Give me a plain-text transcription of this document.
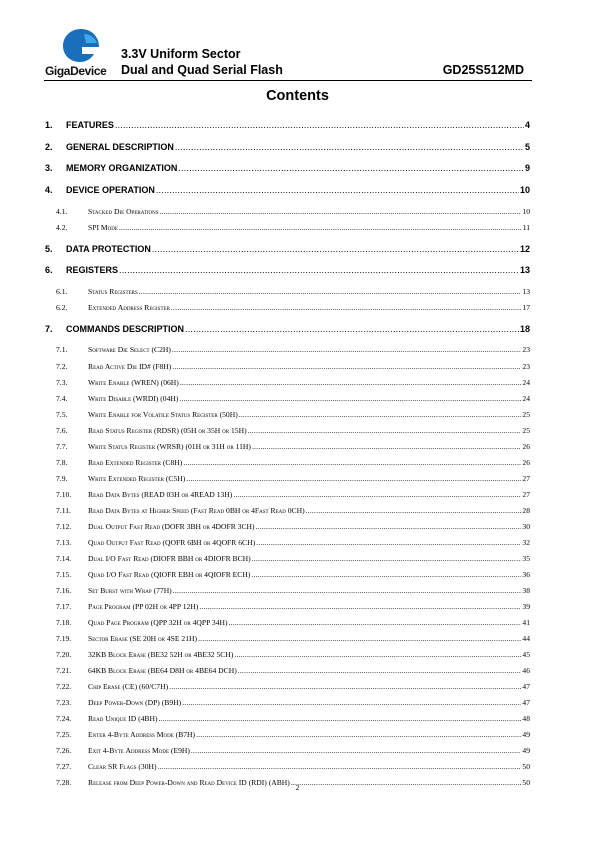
GigaDevice
3.3V Uniform Sector
Dual and Quad Serial Flash	GD25S512MD
Contents
1.	FEATURES .....	4
2.	GENERAL DESCRIPTION .....	5
3.	MEMORY ORGANIZATION .....	9
4.	DEVICE OPERATION .....	10
4.1.	Stacked Die Operations .....	10
4.2.	SPI Mode .....	11
5.	DATA PROTECTION .....	12
6.	REGISTERS .....	13
6.1.	Status Registers .....	13
6.2.	Extended Address Register .....	17
7.	COMMANDS DESCRIPTION .....	18
7.1.	Software Die Select (C2H) .....	23
7.2.	Read Active Die ID# (F8H) .....	23
7.3.	Write Enable (WREN) (06H) .....	24
7.4.	Write Disable (WRDI) (04H) .....	24
7.5.	Write Enable for Volatile Status Register (50H) .....	25
7.6.	Read Status Register (RDSR) (05H or 35H or 15H) .....	25
7.7.	Write Status Register (WRSR) (01H or 31H or 11H) .....	26
7.8.	Read Extended Register (C8H) .....	26
7.9.	Write Extended Register (C5H) .....	27
7.10.	Read Data Bytes (READ 03H or 4READ 13H) .....	27
7.11.	Read Data Bytes at Higher Speed (Fast Read 0BH or 4Fast Read 0CH) .....	28
7.12.	Dual Output Fast Read (DOFR 3BH or 4DOFR 3CH) .....	30
7.13.	Quad Output Fast Read (QOFR 6BH or 4QOFR 6CH) .....	32
7.14.	Dual I/O Fast Read (DIOFR BBH or 4DIOFR BCH) .....	35
7.15.	Quad I/O Fast Read (QIOFR EBH or 4QIOFR ECH) .....	36
7.16.	Set Burst with Wrap (77H) .....	38
7.17.	Page Program (PP 02H or 4PP 12H) .....	39
7.18.	Quad Page Program (QPP 32H or 4QPP 34H) .....	41
7.19.	Sector Erase (SE 20H or 4SE 21H) .....	44
7.20.	32KB Block Erase (BE32 52H or 4BE32 5CH) .....	45
7.21.	64KB Block Erase (BE64 D8H or 4BE64 DCH) .....	46
7.22.	Chip Erase (CE) (60/C7H) .....	47
7.23.	Deep Power-Down (DP) (B9H) .....	47
7.24.	Read Unique ID (4BH) .....	48
7.25.	Enter 4-Byte Address Mode (B7H) .....	49
7.26.	Exit 4-Byte Address Mode (E9H) .....	49
7.27.	Clear SR Flags (30H) .....	50
7.28.	Release from Deep Power-Down and Read Device ID (RDI) (ABH) .....	50
2
